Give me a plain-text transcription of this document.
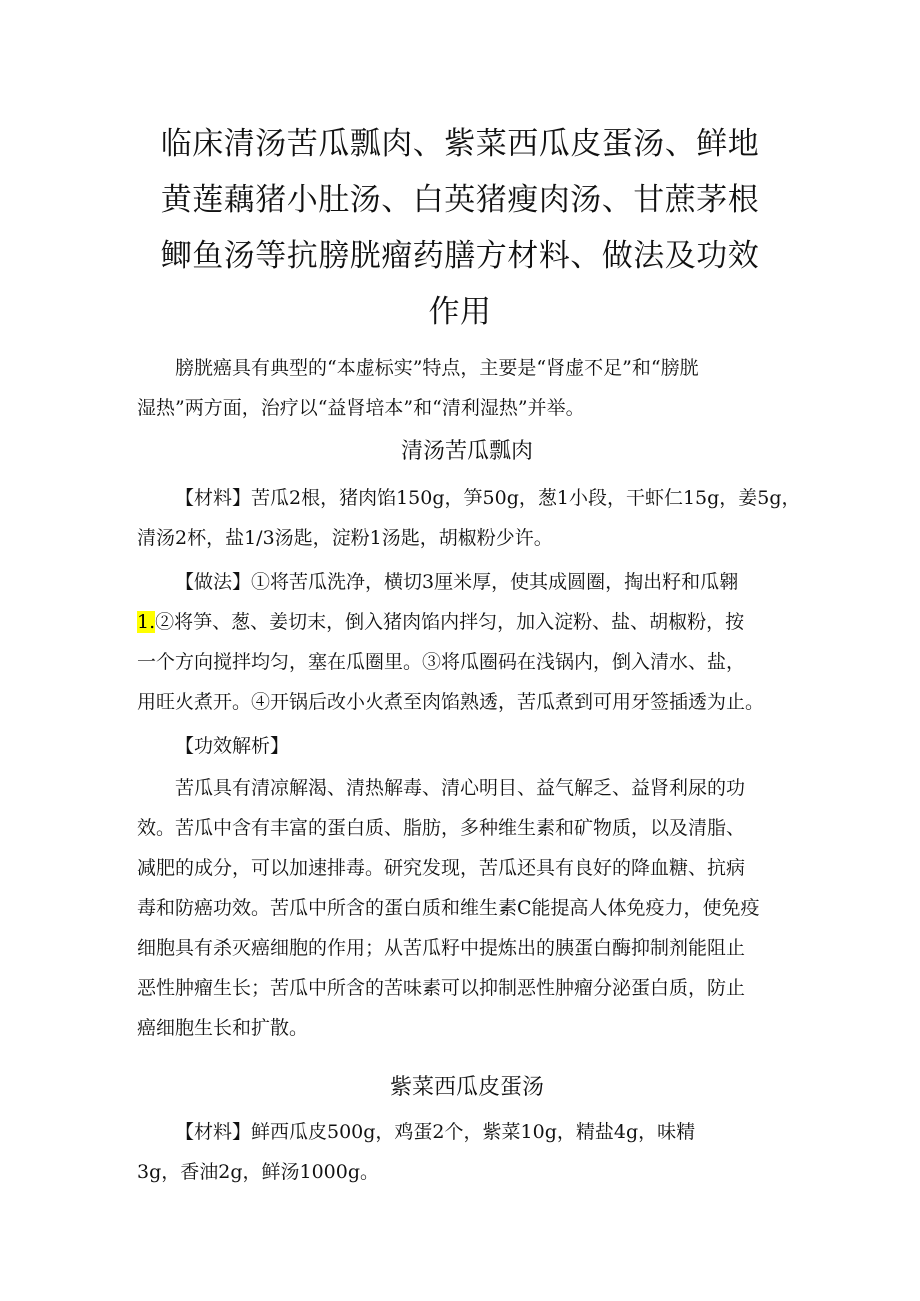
临床清汤苦瓜瓢肉、紫菜西瓜皮蛋汤、鲜地
黄莲藕猪小肚汤、白英猪瘦肉汤、甘蔗茅根
鲫鱼汤等抗膀胱瘤药膳方材料、做法及功效
作用

膀胱癌具有典型的“本虚标实”特点，主要是“肾虚不足”和“膀胱
湿热”两方面，治疗以“益肾培本”和“清利湿热”并举。

清汤苦瓜瓢肉

【材料】苦瓜2根，猪肉馅150g，笋50g，葱1小段，干虾仁15g，姜5g，
清汤2杯，盐1/3汤匙，淀粉1汤匙，胡椒粉少许。

【做法】①将苦瓜洗净，横切3厘米厚，使其成圆圈，掏出籽和瓜翱
1.②将笋、葱、姜切末，倒入猪肉馅内拌匀，加入淀粉、盐、胡椒粉，按
一个方向搅拌均匀，塞在瓜圈里。③将瓜圈码在浅锅内，倒入清水、盐，
用旺火煮开。④开锅后改小火煮至肉馅熟透，苦瓜煮到可用牙签插透为止。

【功效解析】

苦瓜具有清凉解渴、清热解毒、清心明目、益气解乏、益肾利尿的功
效。苦瓜中含有丰富的蛋白质、脂肪，多种维生素和矿物质，以及清脂、
减肥的成分，可以加速排毒。研究发现，苦瓜还具有良好的降血糖、抗病
毒和防癌功效。苦瓜中所含的蛋白质和维生素C能提高人体免疫力，使免疫
细胞具有杀灭癌细胞的作用；从苦瓜籽中提炼出的胰蛋白酶抑制剂能阻止
恶性肿瘤生长；苦瓜中所含的苦味素可以抑制恶性肿瘤分泌蛋白质，防止
癌细胞生长和扩散。

紫菜西瓜皮蛋汤

【材料】鲜西瓜皮500g，鸡蛋2个，紫菜10g，精盐4g，味精
3g，香油2g，鲜汤1000g。
